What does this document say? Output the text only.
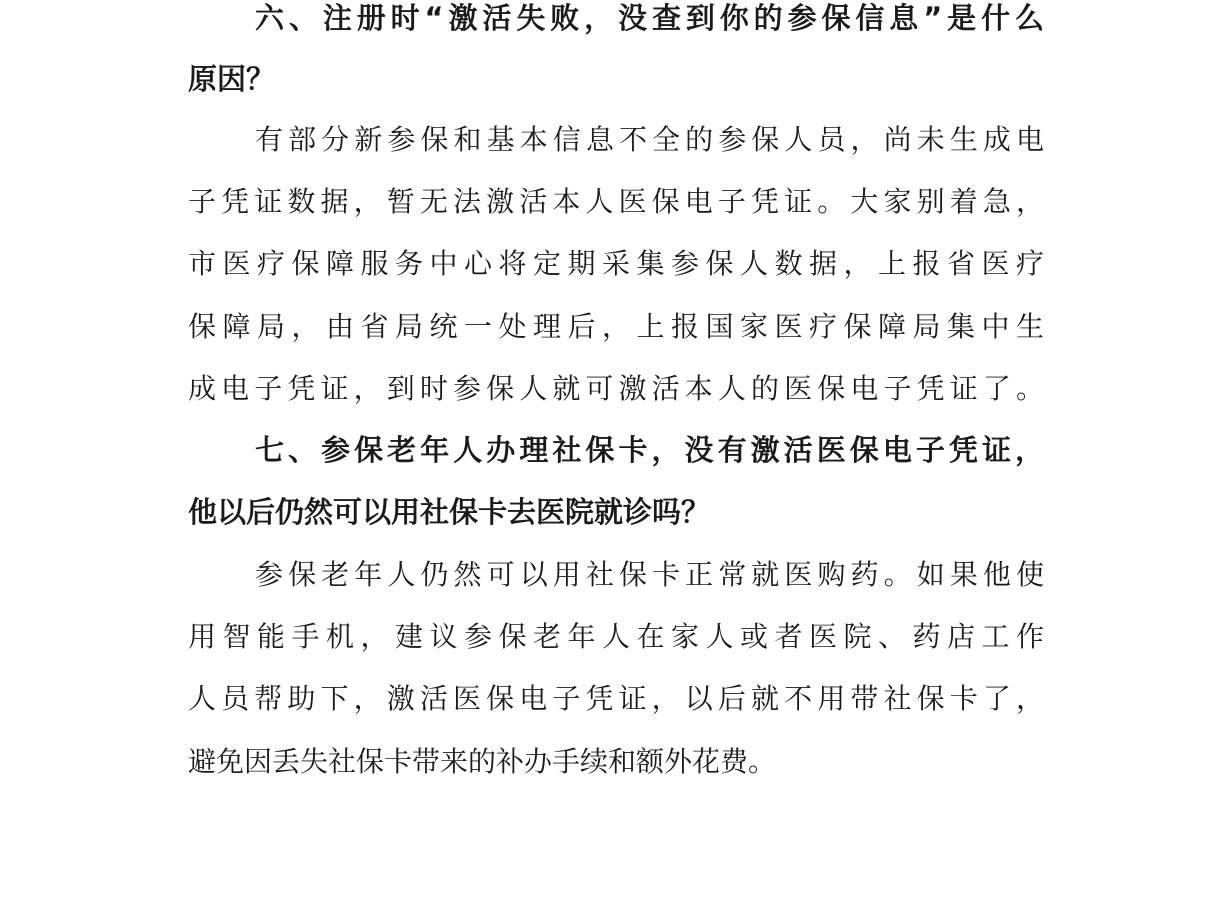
六、注册时“激活失败，没查到你的参保信息”是什么
原因？
有部分新参保和基本信息不全的参保人员，尚未生成电
子凭证数据，暂无法激活本人医保电子凭证。大家别着急，
市医疗保障服务中心将定期采集参保人数据，上报省医疗
保障局，由省局统一处理后，上报国家医疗保障局集中生
成电子凭证，到时参保人就可激活本人的医保电子凭证了。
七、参保老年人办理社保卡，没有激活医保电子凭证，
他以后仍然可以用社保卡去医院就诊吗？
参保老年人仍然可以用社保卡正常就医购药。如果他使
用智能手机，建议参保老年人在家人或者医院、药店工作
人员帮助下，激活医保电子凭证，以后就不用带社保卡了，
避免因丢失社保卡带来的补办手续和额外花费。
